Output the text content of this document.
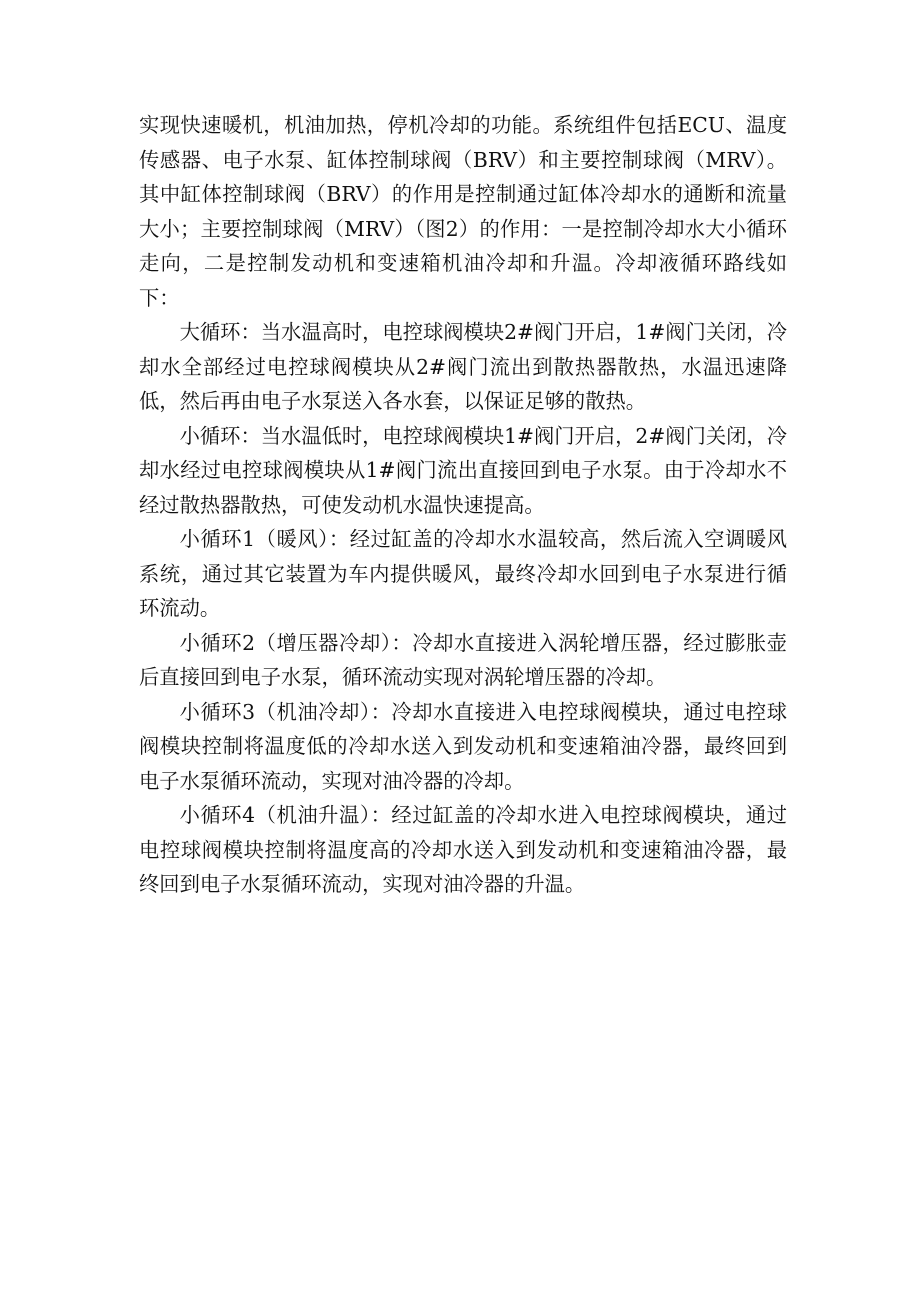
实现快速暖机，机油加热，停机冷却的功能。系统组件包括ECU、温度传感器、电子水泵、缸体控制球阀（BRV）和主要控制球阀（MRV）。其中缸体控制球阀（BRV）的作用是控制通过缸体冷却水的通断和流量大小；主要控制球阀（MRV）（图2）的作用：一是控制冷却水大小循环走向，二是控制发动机和变速箱机油冷却和升温。冷却液循环路线如下：

大循环：当水温高时，电控球阀模块2#阀门开启，1#阀门关闭，冷却水全部经过电控球阀模块从2#阀门流出到散热器散热，水温迅速降低，然后再由电子水泵送入各水套，以保证足够的散热。

小循环：当水温低时，电控球阀模块1#阀门开启，2#阀门关闭，冷却水经过电控球阀模块从1#阀门流出直接回到电子水泵。由于冷却水不经过散热器散热，可使发动机水温快速提高。

小循环1（暖风）：经过缸盖的冷却水水温较高，然后流入空调暖风系统，通过其它装置为车内提供暖风，最终冷却水回到电子水泵进行循环流动。

小循环2（增压器冷却）：冷却水直接进入涡轮增压器，经过膨胀壶后直接回到电子水泵，循环流动实现对涡轮增压器的冷却。

小循环3（机油冷却）：冷却水直接进入电控球阀模块，通过电控球阀模块控制将温度低的冷却水送入到发动机和变速箱油冷器，最终回到电子水泵循环流动，实现对油冷器的冷却。

小循环4（机油升温）：经过缸盖的冷却水进入电控球阀模块，通过电控球阀模块控制将温度高的冷却水送入到发动机和变速箱油冷器，最终回到电子水泵循环流动，实现对油冷器的升温。
